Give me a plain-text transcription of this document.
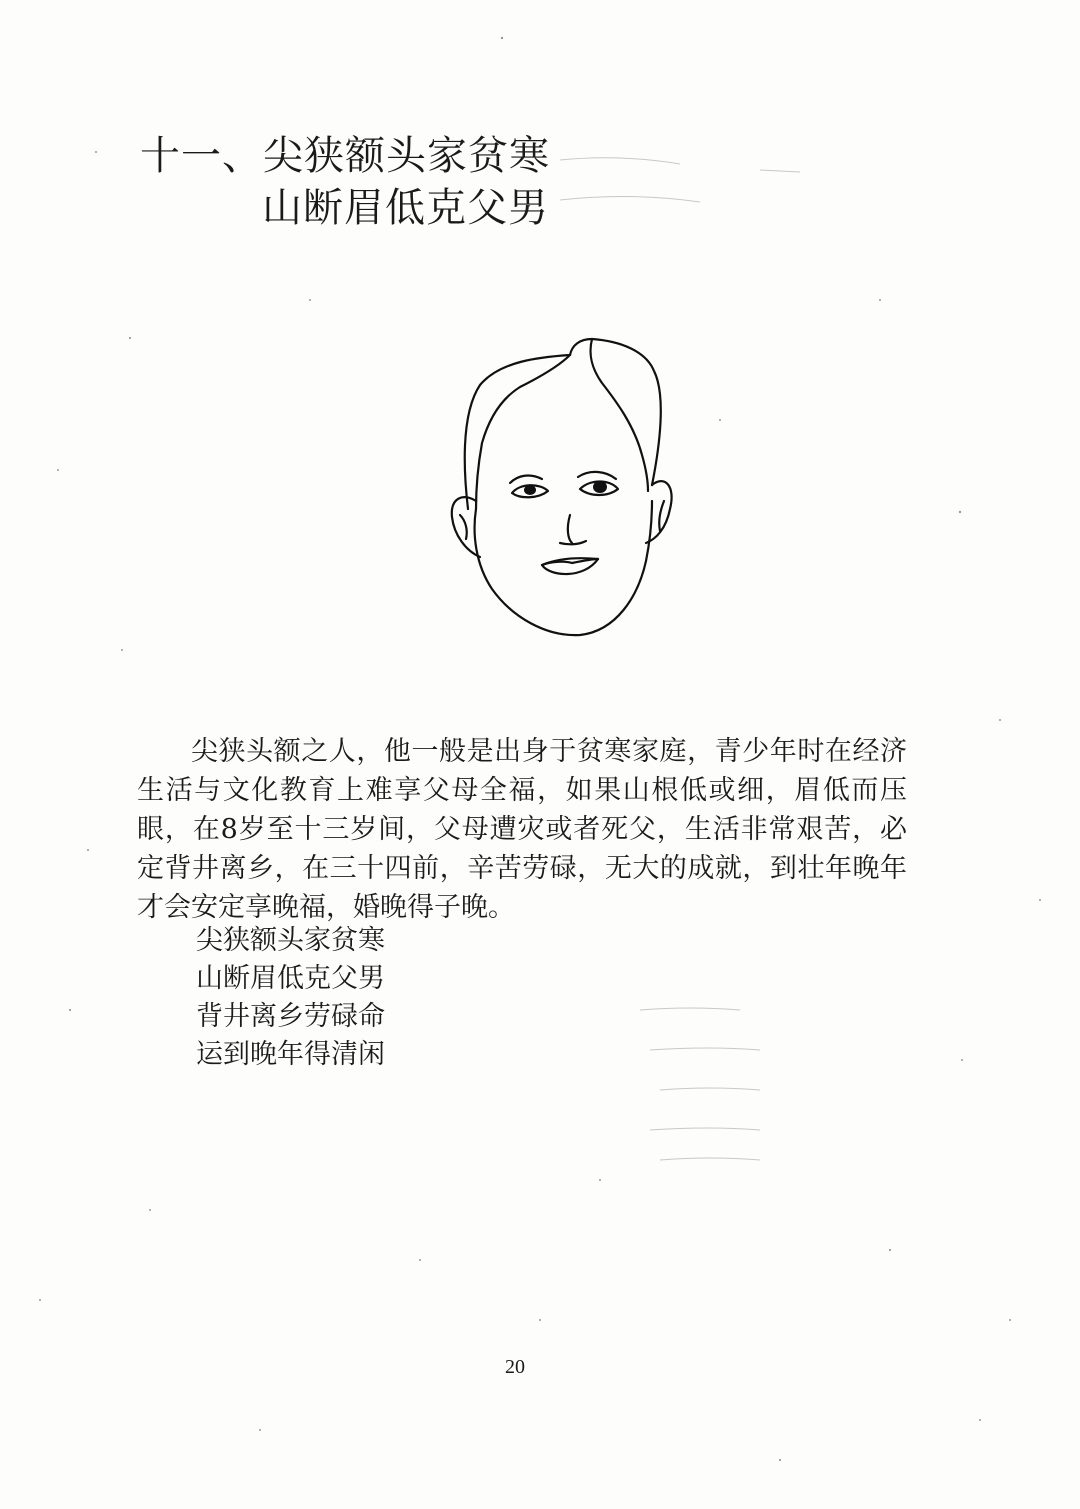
十一、尖狭额头家贫寒
山断眉低克父男

尖狭头额之人，他一般是出身于贫寒家庭，青少年时在经济生活与文化教育上难享父母全福，如果山根低或细，眉低而压眼，在8岁至十三岁间，父母遭灾或者死父，生活非常艰苦，必定背井离乡，在三十四前，辛苦劳碌，无大的成就，到壮年晚年才会安定享晚福，婚晚得子晚。

尖狭额头家贫寒
山断眉低克父男
背井离乡劳碌命
运到晚年得清闲
20
